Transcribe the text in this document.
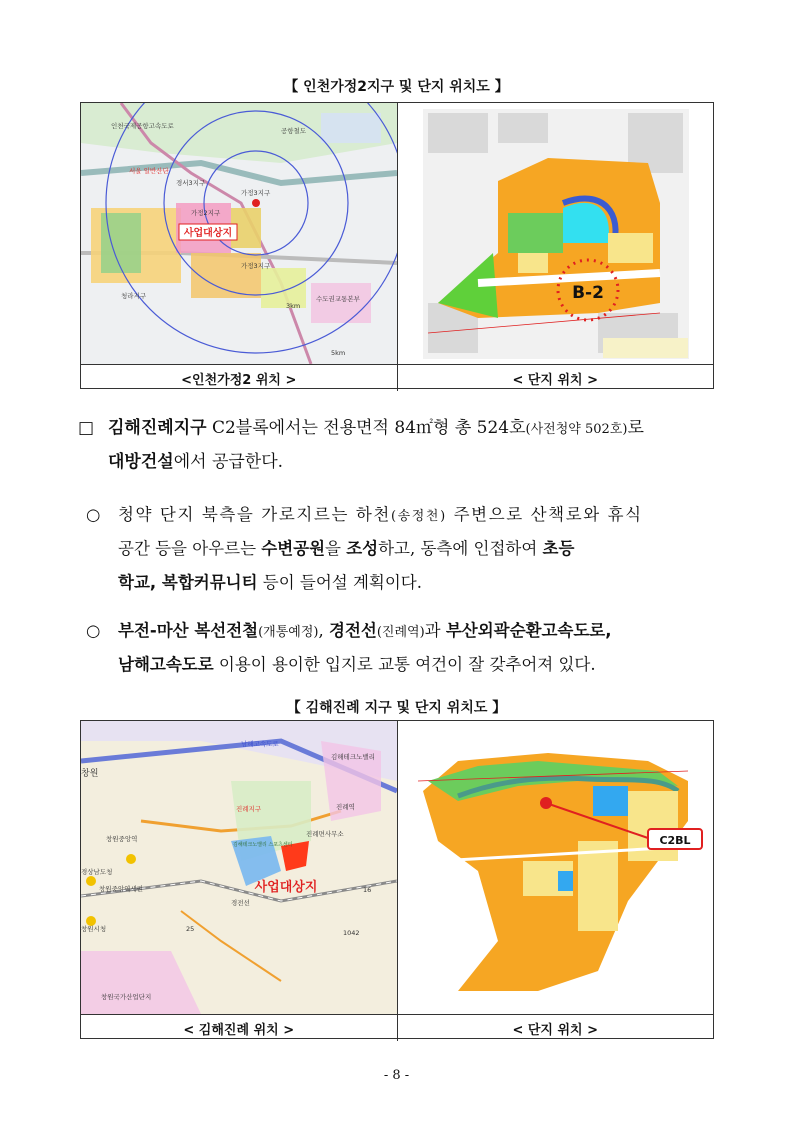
【 인천가정2지구 및 단지 위치도 】
사업대상지
인천국제공항고속도로
공항철도
서울 일반산단
경서3지구
가정2지구
가정3지구
가정3지구
청라지구	수도권교통본부
3km
5km
B-2
<인천가정2 위치 >	< 단지 위치 >
□ 김해진례지구 C2블록에서는 전용면적 84㎡형 총 524호(사전청약 502호)로
대방건설에서 공급한다.
○ 청약 단지 북측을 가로지르는 하천(송정천) 주변으로 산책로와 휴식
공간 등을 아우르는 수변공원을 조성하고, 동측에 인접하여 초등
학교, 복합커뮤니티 등이 들어설 계획이다.
○ 부전-마산 복선전철(개통예정), 경전선(진례역)과 부산외곽순환고속도로,
남해고속도로 이용이 용이한 입지로 교통 여건이 잘 갖추어져 있다.
【 김해진례 지구 및 단지 위치도 】
사업대상지
남해고속도로
김해테크노밸리
진례역
진례면사무소
창원중앙역
경상남도청
창원중앙역세권
창원시청
진례지구
경전선
1042
25
16
창원
창원국가산업단지
김해테크노밸리 스포츠센터	C2BL
< 김해진례 위치 >	< 단지 위치 >
- 8 -
